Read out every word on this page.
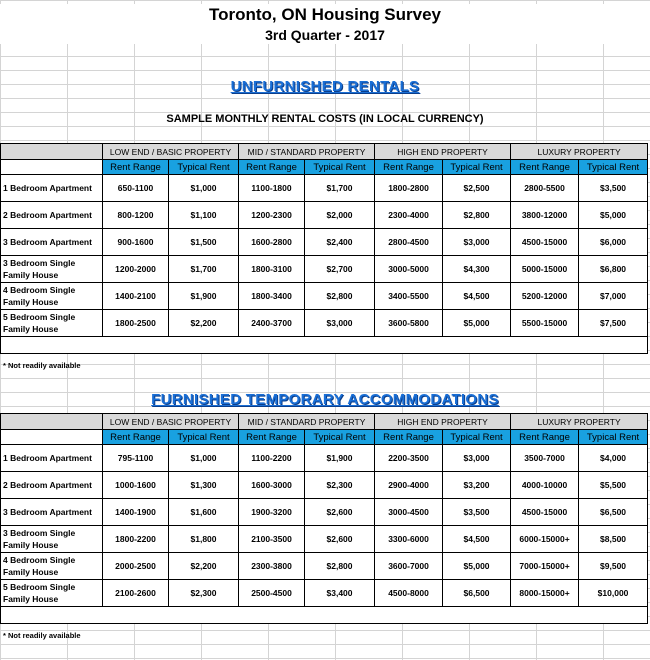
Toronto, ON Housing Survey
3rd Quarter - 2017
UNFURNISHED RENTALS
SAMPLE MONTHLY RENTAL COSTS (IN LOCAL CURRENCY)
	LOW END / BASIC PROPERTY		MID / STANDARD PROPERTY		HIGH END PROPERTY		LUXURY PROPERTY	
	Rent Range	Typical Rent	Rent Range	Typical Rent	Rent Range	Typical Rent	Rent Range	Typical Rent
1 Bedroom Apartment	650-1100	$1,000	1100-1800	$1,700	1800-2800	$2,500	2800-5500	$3,500
2 Bedroom Apartment	800-1200	$1,100	1200-2300	$2,000	2300-4000	$2,800	3800-12000	$5,000
3 Bedroom Apartment	900-1600	$1,500	1600-2800	$2,400	2800-4500	$3,000	4500-15000	$6,000
3 Bedroom Single Family House	1200-2000	$1,700	1800-3100	$2,700	3000-5000	$4,300	5000-15000	$6,800
4 Bedroom Single Family House	1400-2100	$1,900	1800-3400	$2,800	3400-5500	$4,500	5200-12000	$7,000
5 Bedroom Single Family House	1800-2500	$2,200	2400-3700	$3,000	3600-5800	$5,000	5500-15000	$7,500

* Not readily available
FURNISHED TEMPORARY ACCOMMODATIONS
	LOW END / BASIC PROPERTY		MID / STANDARD PROPERTY		HIGH END PROPERTY		LUXURY PROPERTY	
	Rent Range	Typical Rent	Rent Range	Typical Rent	Rent Range	Typical Rent	Rent Range	Typical Rent
1 Bedroom Apartment	795-1100	$1,000	1100-2200	$1,900	2200-3500	$3,000	3500-7000	$4,000
2 Bedroom Apartment	1000-1600	$1,300	1600-3000	$2,300	2900-4000	$3,200	4000-10000	$5,500
3 Bedroom Apartment	1400-1900	$1,600	1900-3200	$2,600	3000-4500	$3,500	4500-15000	$6,500
3 Bedroom Single Family House	1800-2200	$1,800	2100-3500	$2,600	3300-6000	$4,500	6000-15000+	$8,500
4 Bedroom Single Family House	2000-2500	$2,200	2300-3800	$2,800	3600-7000	$5,000	7000-15000+	$9,500
5 Bedroom Single Family House	2100-2600	$2,300	2500-4500	$3,400	4500-8000	$6,500	8000-15000+	$10,000

* Not readily available
